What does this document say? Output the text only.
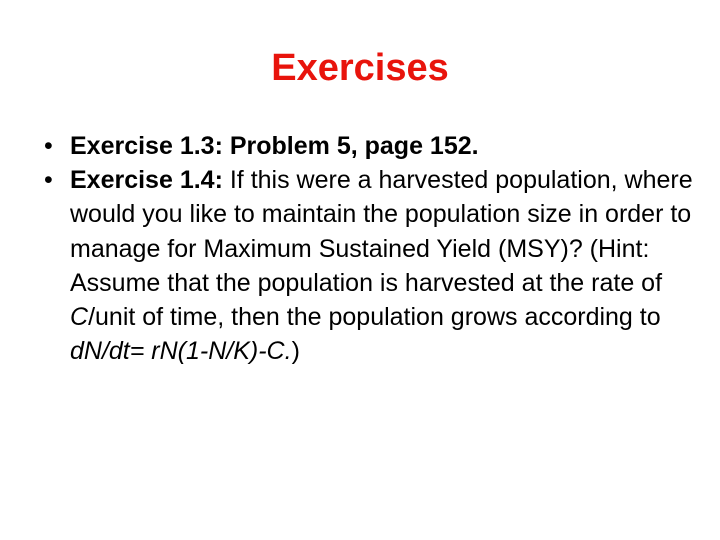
Exercises
• Exercise 1.3: Problem 5, page 152.
• Exercise 1.4: If this were a harvested population, where would you like to maintain the population size in order to manage for Maximum Sustained Yield (MSY)? (Hint: Assume that the population is harvested at the rate of C/unit of time, then the population grows according to dN/dt= rN(1-N/K)-C.)
